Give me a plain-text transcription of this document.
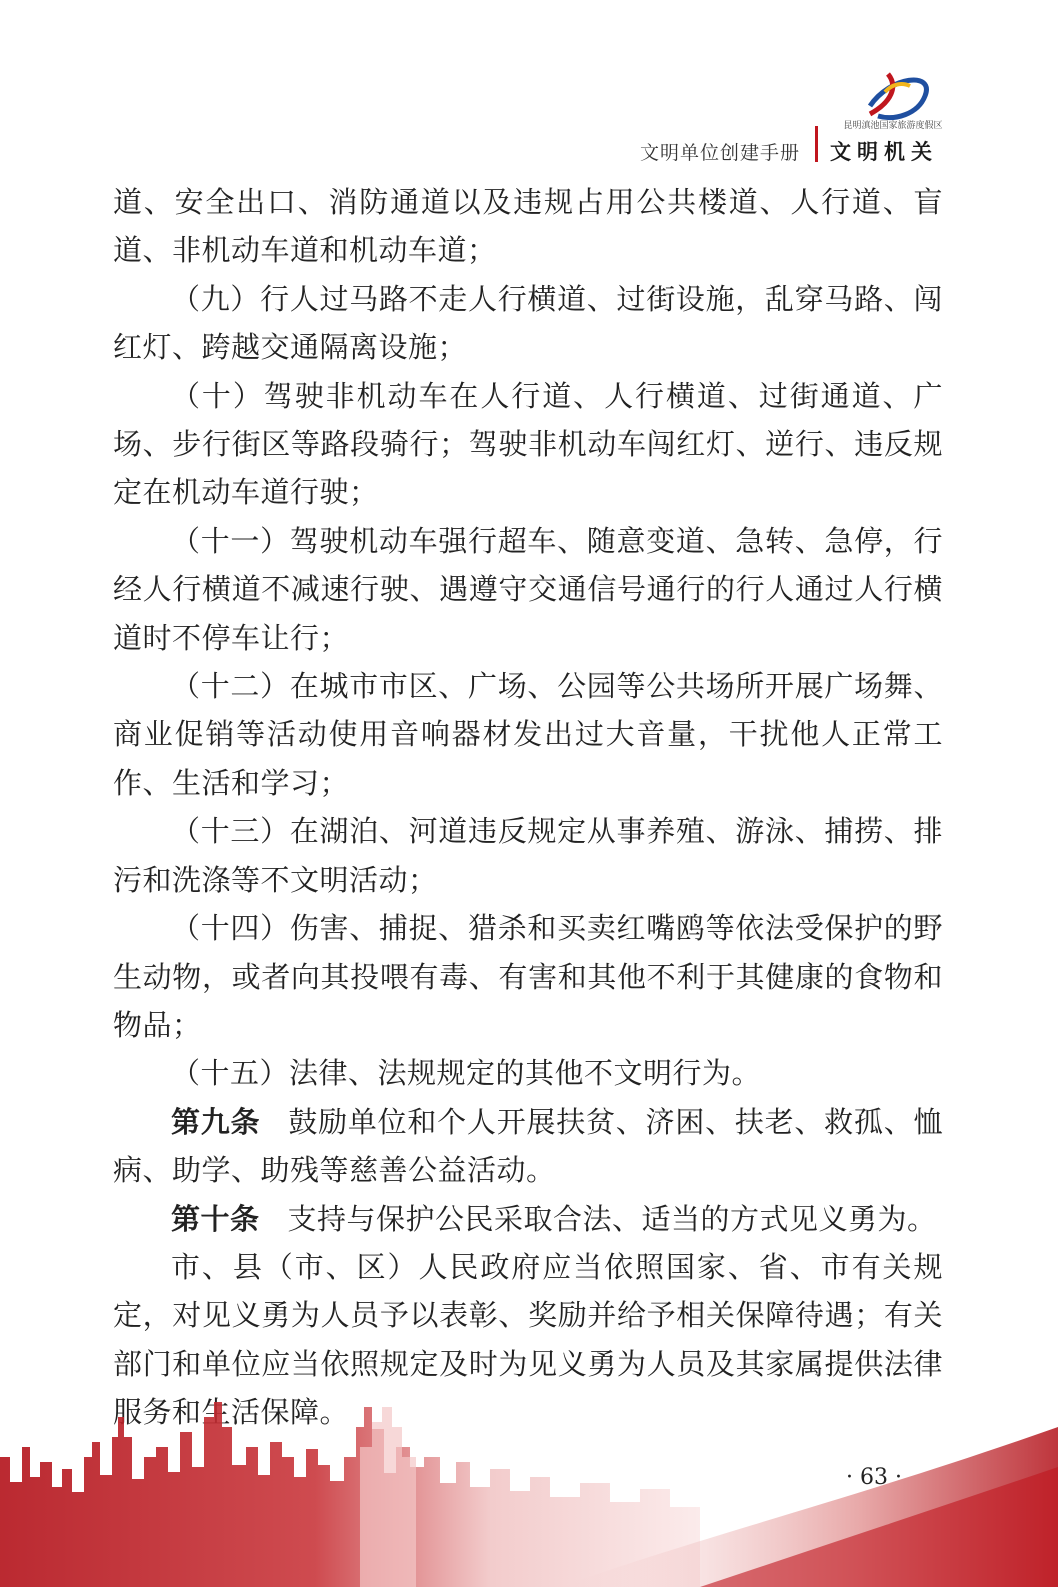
文明单位创建手册 文明机关
昆明滇池国家旅游度假区

道、安全出口、消防通道以及违规占用公共楼道、人行道、盲道、非机动车道和机动车道；

（九）行人过马路不走人行横道、过街设施，乱穿马路、闯红灯、跨越交通隔离设施；

（十）驾驶非机动车在人行道、人行横道、过街通道、广场、步行街区等路段骑行；驾驶非机动车闯红灯、逆行、违反规定在机动车道行驶；

（十一）驾驶机动车强行超车、随意变道、急转、急停，行经人行横道不减速行驶、遇遵守交通信号通行的行人通过人行横道时不停车让行；

（十二）在城市市区、广场、公园等公共场所开展广场舞、商业促销等活动使用音响器材发出过大音量，干扰他人正常工作、生活和学习；

（十三）在湖泊、河道违反规定从事养殖、游泳、捕捞、排污和洗涤等不文明活动；

（十四）伤害、捕捉、猎杀和买卖红嘴鸥等依法受保护的野生动物，或者向其投喂有毒、有害和其他不利于其健康的食物和物品；

（十五）法律、法规规定的其他不文明行为。

第九条 鼓励单位和个人开展扶贫、济困、扶老、救孤、恤病、助学、助残等慈善公益活动。

第十条 支持与保护公民采取合法、适当的方式见义勇为。

市、县（市、区）人民政府应当依照国家、省、市有关规定，对见义勇为人员予以表彰、奖励并给予相关保障待遇；有关部门和单位应当依照规定及时为见义勇为人员及其家属提供法律服务和生活保障。

· 63 ·
